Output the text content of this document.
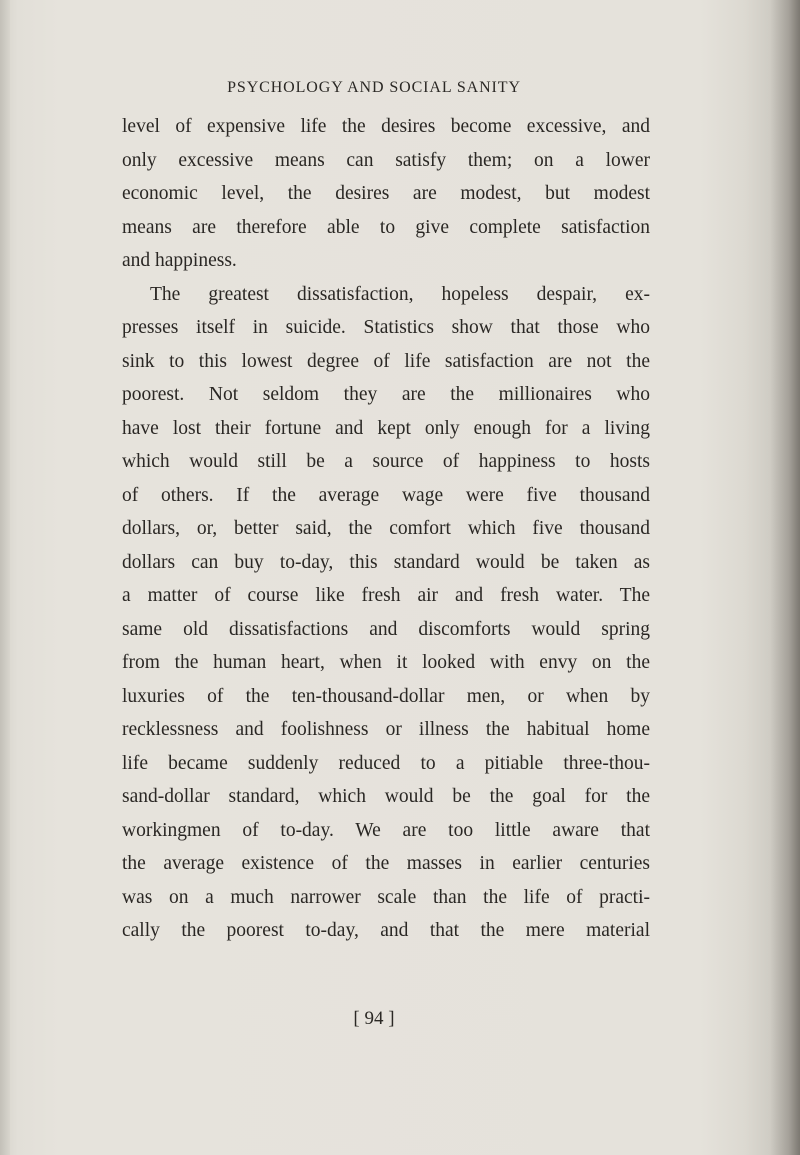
PSYCHOLOGY AND SOCIAL SANITY
level of expensive life the desires become excessive, and
only excessive means can satisfy them; on a lower
economic level, the desires are modest, but modest
means are therefore able to give complete satisfaction
and happiness.
The greatest dissatisfaction, hopeless despair, ex-
presses itself in suicide. Statistics show that those who
sink to this lowest degree of life satisfaction are not the
poorest. Not seldom they are the millionaires who
have lost their fortune and kept only enough for a living
which would still be a source of happiness to hosts
of others. If the average wage were five thousand
dollars, or, better said, the comfort which five thousand
dollars can buy to-day, this standard would be taken as
a matter of course like fresh air and fresh water. The
same old dissatisfactions and discomforts would spring
from the human heart, when it looked with envy on the
luxuries of the ten-thousand-dollar men, or when by
recklessness and foolishness or illness the habitual home
life became suddenly reduced to a pitiable three-thou-
sand-dollar standard, which would be the goal for the
workingmen of to-day. We are too little aware that
the average existence of the masses in earlier centuries
was on a much narrower scale than the life of practi-
cally the poorest to-day, and that the mere material
[ 94 ]
